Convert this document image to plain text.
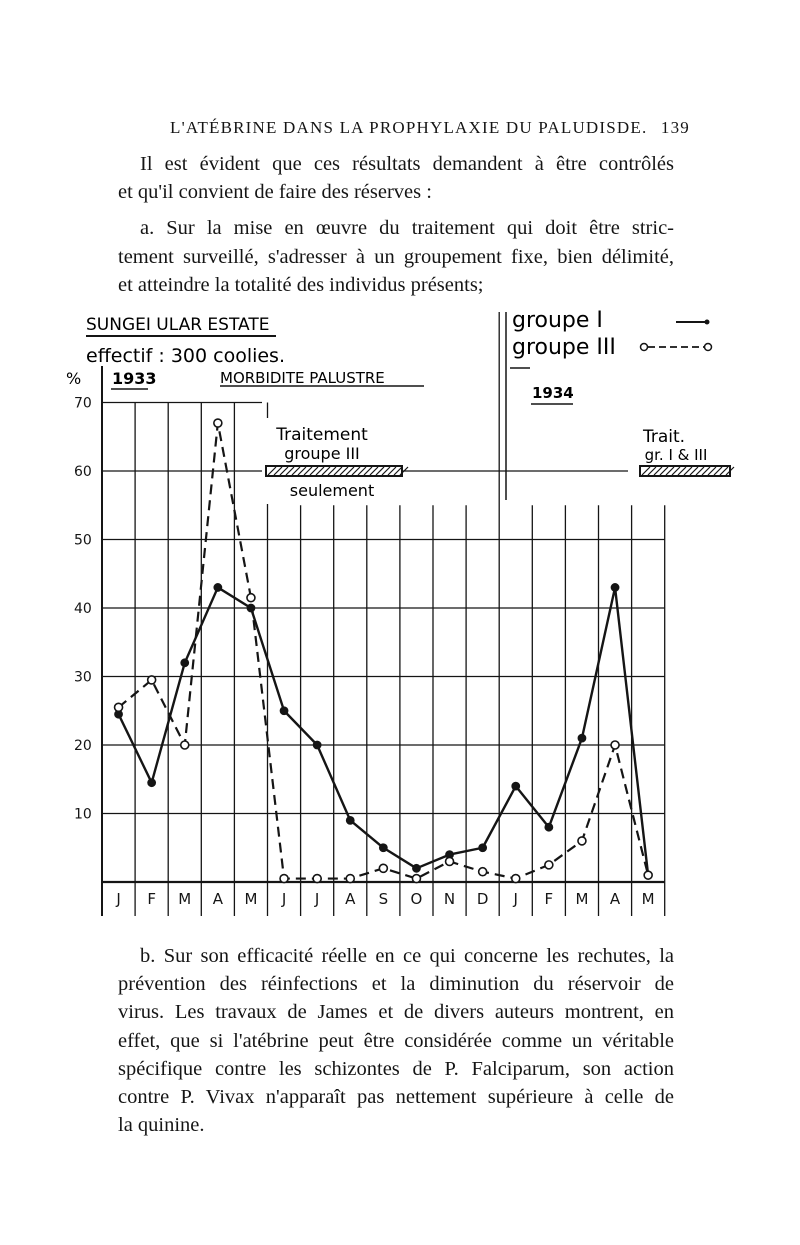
L'ATÉBRINE DANS LA PROPHYLAXIE DU PALUDISDE. 139
Il est évident que ces résultats demandent à être contrôlés
et qu'il convient de faire des réserves :
a. Sur la mise en œuvre du traitement qui doit être stric-
tement surveillé, s'adresser à un groupement fixe, bien délimité,
et atteindre la totalité des individus présents;
SUNGEI ULAR ESTATE
effectif : 300 coolies.
% 1933	MORBIDITE PALUSTRE
1934
groupe I
groupe III
Traitement
groupe III
seulement
Trait.
gr. I & III
10
20
30
40
50
60
70
J F M A M J J A S O N D J F M A M
b. Sur son efficacité réelle en ce qui concerne les rechutes, la
prévention des réinfections et la diminution du réservoir de
virus. Les travaux de James et de divers auteurs montrent, en
effet, que si l'atébrine peut être considérée comme un véritable
spécifique contre les schizontes de P. Falciparum, son action
contre P. Vivax n'apparaît pas nettement supérieure à celle de
la quinine.
